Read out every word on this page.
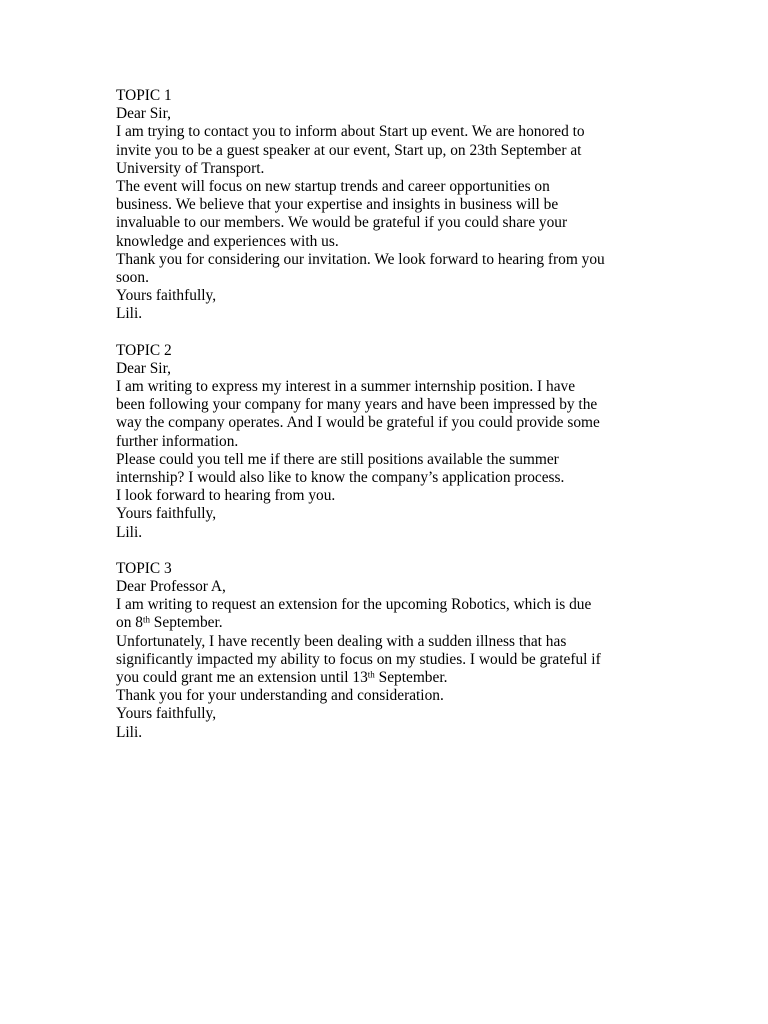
TOPIC 1
Dear Sir,
I am trying to contact you to inform about Start up event. We are honored to
invite you to be a guest speaker at our event, Start up, on 23th September at
University of Transport.
The event will focus on new startup trends and career opportunities on
business. We believe that your expertise and insights in business will be
invaluable to our members. We would be grateful if you could share your
knowledge and experiences with us.
Thank you for considering our invitation. We look forward to hearing from you
soon.
Yours faithfully,
Lili.
TOPIC 2
Dear Sir,
I am writing to express my interest in a summer internship position. I have
been following your company for many years and have been impressed by the
way the company operates. And I would be grateful if you could provide some
further information.
Please could you tell me if there are still positions available the summer
internship? I would also like to know the company’s application process.
I look forward to hearing from you.
Yours faithfully,
Lili.
TOPIC 3
Dear Professor A,
I am writing to request an extension for the upcoming Robotics, which is due
on 8th September.
Unfortunately, I have recently been dealing with a sudden illness that has
significantly impacted my ability to focus on my studies. I would be grateful if
you could grant me an extension until 13th September.
Thank you for your understanding and consideration.
Yours faithfully,
Lili.
